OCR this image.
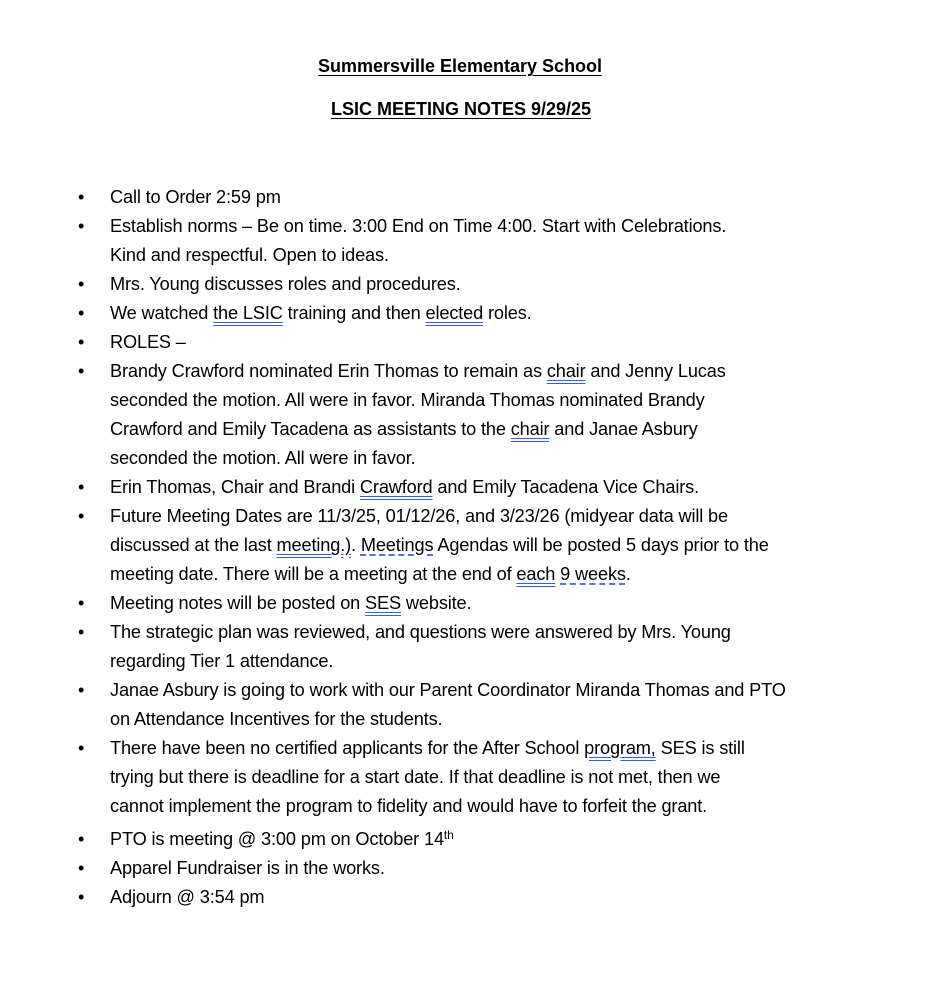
Summersville Elementary School
LSIC MEETING NOTES 9/29/25
• Call to Order 2:59 pm
• Establish norms – Be on time. 3:00 End on Time 4:00. Start with Celebrations.
Kind and respectful. Open to ideas.
• Mrs. Young discusses roles and procedures.
• We watched the LSIC training and then elected roles.
• ROLES –
• Brandy Crawford nominated Erin Thomas to remain as chair and Jenny Lucas
seconded the motion. All were in favor. Miranda Thomas nominated Brandy
Crawford and Emily Tacadena as assistants to the chair and Janae Asbury
seconded the motion. All were in favor.
• Erin Thomas, Chair and Brandi Crawford and Emily Tacadena Vice Chairs.
• Future Meeting Dates are 11/3/25, 01/12/26, and 3/23/26 (midyear data will be
discussed at the last meeting.). Meetings Agendas will be posted 5 days prior to the
meeting date. There will be a meeting at the end of each 9 weeks.
• Meeting notes will be posted on SES website.
• The strategic plan was reviewed, and questions were answered by Mrs. Young
regarding Tier 1 attendance.
• Janae Asbury is going to work with our Parent Coordinator Miranda Thomas and PTO
on Attendance Incentives for the students.
• There have been no certified applicants for the After School program, SES is still
trying but there is deadline for a start date. If that deadline is not met, then we
cannot implement the program to fidelity and would have to forfeit the grant.
• PTO is meeting @ 3:00 pm on October 14th
• Apparel Fundraiser is in the works.
• Adjourn @ 3:54 pm
